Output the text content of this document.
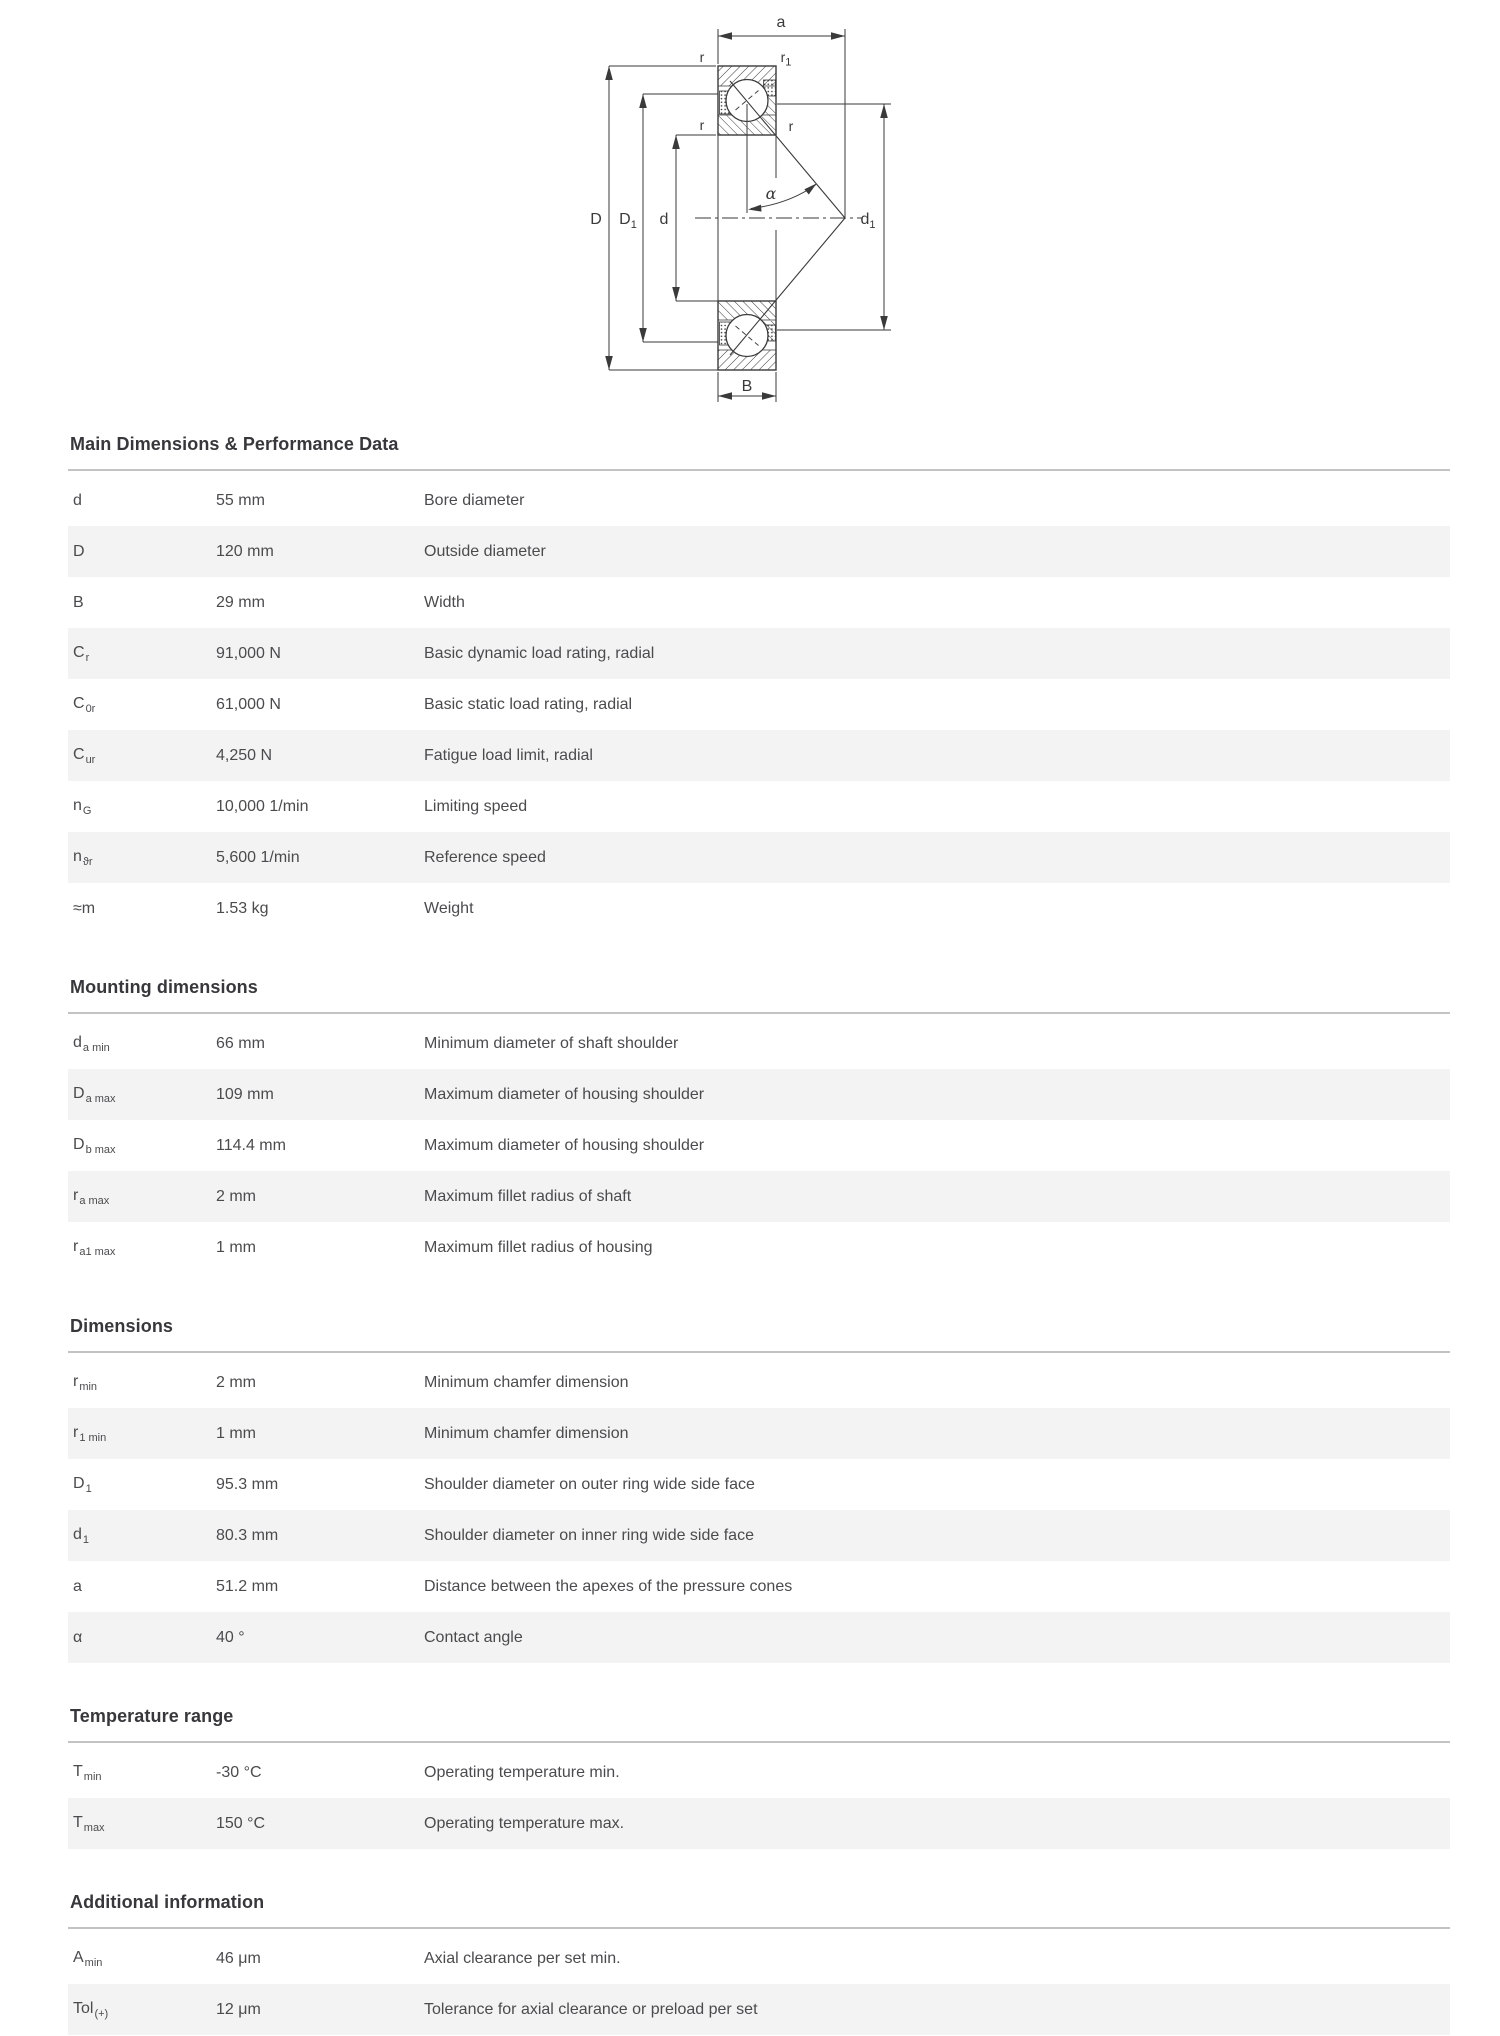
a
r	$r_1$
r	r
D $D_1$ d
α
$d_1$
B
Main Dimensions & Performance Data
d	55 mm	Bore diameter
D	120 mm	Outside diameter
B	29 mm	Width
$C_r$	91,000 N	Basic dynamic load rating, radial
$C_{0r}$	61,000 N	Basic static load rating, radial
$C_{ur}$	4,250 N	Fatigue load limit, radial
$n_G$	10,000 1/min	Limiting speed
$n_{ϑr}$	5,600 1/min	Reference speed
≈m	1.53 kg	Weight
Mounting dimensions
$d_{a min}$	66 mm	Minimum diameter of shaft shoulder
$D_{a max}$	109 mm	Maximum diameter of housing shoulder
$D_{b max}$	114.4 mm	Maximum diameter of housing shoulder
$r_{a max}$	2 mm	Maximum fillet radius of shaft
$r_{a1 max}$	1 mm	Maximum fillet radius of housing
Dimensions
$r_{min}$	2 mm	Minimum chamfer dimension
$r_{1 min}$	1 mm	Minimum chamfer dimension
$D_1$	95.3 mm	Shoulder diameter on outer ring wide side face
$d_1$	80.3 mm	Shoulder diameter on inner ring wide side face
a	51.2 mm	Distance between the apexes of the pressure cones
α	40 °	Contact angle
Temperature range
$T_{min}$	-30 °C	Operating temperature min.
$T_{max}$	150 °C	Operating temperature max.
Additional information
$A_{min}$	46 μm	Axial clearance per set min.
Tol$_{(+)}$	12 μm	Tolerance for axial clearance or preload per set
